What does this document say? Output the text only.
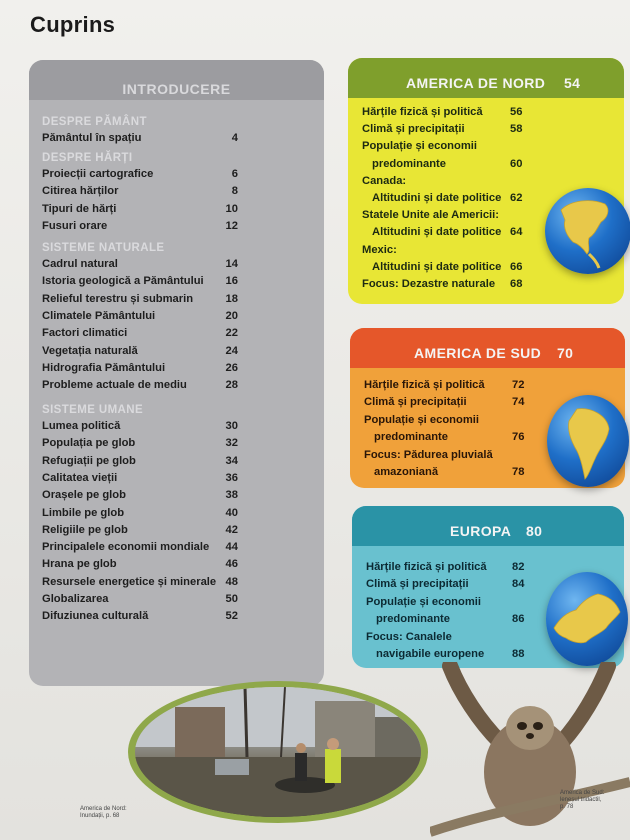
Cuprins
INTRODUCERE
DESPRE PĂMÂNT
Pământul în spațiu	4
DESPRE HĂRȚI
Proiecții cartografice	6
Citirea hărților	8
Tipuri de hărți	10
Fusuri orare	12
SISTEME NATURALE
Cadrul natural	14
Istoria geologică a Pământului	16
Relieful terestru și submarin	18
Climatele Pământului	20
Factori climatici	22
Vegetația naturală	24
Hidrografia Pământului	26
Probleme actuale de mediu	28
SISTEME UMANE
Lumea politică	30
Populația pe glob	32
Refugiații pe glob	34
Calitatea vieții	36
Orașele pe glob	38
Limbile pe glob	40
Religiile pe glob	42
Principalele economii mondiale	44
Hrana pe glob	46
Resursele energetice și minerale 48
Globalizarea	50
Difuziunea culturală	52
AMERICA DE NORD 54
Hărțile fizică și politică 56
Climă și precipitații	58
Populație și economii
predominante	60
Canada:
Altitudini și date politice 62
Statele Unite ale Americii:
Altitudini și date politice 64
Mexic:
Altitudini și date politice 66
Focus: Dezastre naturale 68
AMERICA DE SUD 70
Hărțile fizică și politică 72
Climă și precipitații	74
Populație și economii
predominante	76
Focus: Pădurea pluvială
amazoniană	78
EUROPA 80
Hărțile fizică și politică 82
Climă și precipitații	84
Populație și economii
predominante	86
Focus: Canalele
navigabile europene 88
America de Nord:
Inundații, p. 68
America de Sud:
leneșul tridactil,
p. 78
